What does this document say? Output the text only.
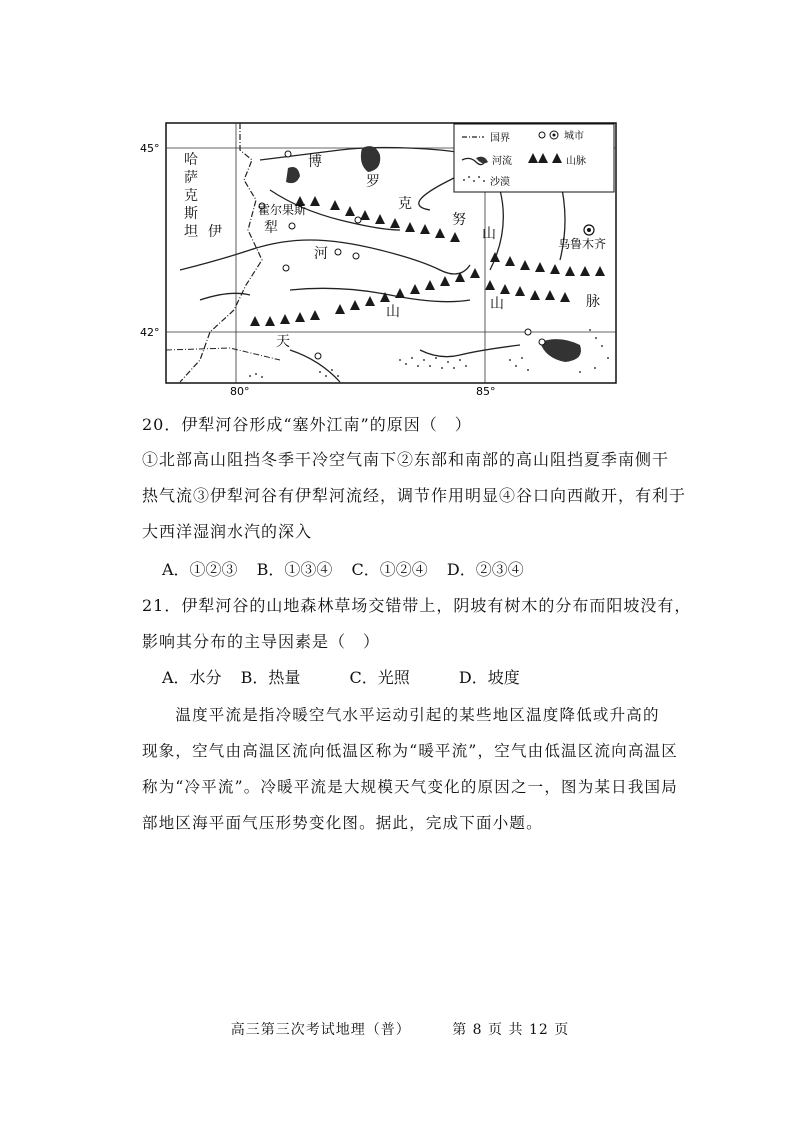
45°
42°
80°	85°
哈
萨
克
斯
坦
博
罗
克
努
伊	犁
河
天
山
山
山	脉
霍尔果斯
乌鲁木齐
国界	城市
河流	山脉
沙漠
20．伊犁河谷形成“塞外江南”的原因（　）
①北部高山阻挡冬季干冷空气南下②东部和南部的高山阻挡夏季南侧干
热气流③伊犁河谷有伊犁河流经，调节作用明显④谷口向西敞开，有利于
大西洋湿润水汽的深入
A．①②③ B．①③④ C．①②④ D．②③④
21．伊犁河谷的山地森林草场交错带上，阴坡有树木的分布而阳坡没有，
影响其分布的主导因素是（　）
A．水分 B．热量	C．光照	D．坡度
　　温度平流是指冷暖空气水平运动引起的某些地区温度降低或升高的
现象，空气由高温区流向低温区称为“暖平流”，空气由低温区流向高温区
称为“冷平流”。冷暖平流是大规模天气变化的原因之一，图为某日我国局
部地区海平面气压形势变化图。据此，完成下面小题。
高三第三次考试地理（普）	第 8 页 共 12 页
